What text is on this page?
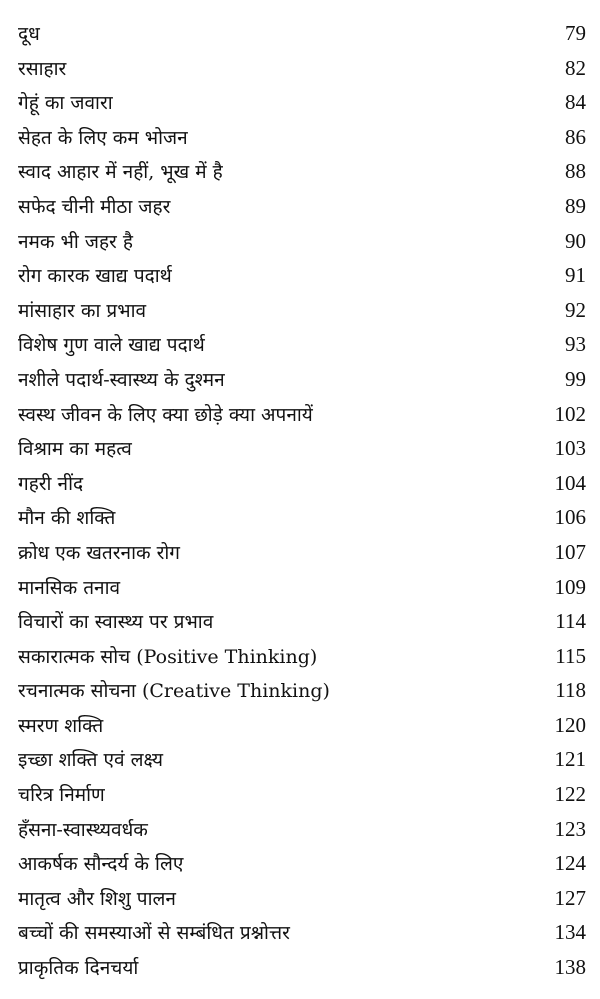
दूध	79
रसाहार	82
गेहूं का जवारा	84
सेहत के लिए कम भोजन	86
स्वाद आहार में नहीं, भूख में है	88
सफेद चीनी मीठा जहर	89
नमक भी जहर है	90
रोग कारक खाद्य पदार्थ	91
मांसाहार का प्रभाव	92
विशेष गुण वाले खाद्य पदार्थ	93
नशीले पदार्थ-स्वास्थ्य के दुश्मन	99
स्वस्थ जीवन के लिए क्या छोड़े क्या अपनायें	102
विश्राम का महत्व	103
गहरी नींद	104
मौन की शक्ति	106
क्रोध एक खतरनाक रोग	107
मानसिक तनाव	109
विचारों का स्वास्थ्य पर प्रभाव	114
सकारात्मक सोच (Positive Thinking)	115
रचनात्मक सोचना (Creative Thinking)	118
स्मरण शक्ति	120
इच्छा शक्ति एवं लक्ष्य	121
चरित्र निर्माण	122
हँसना-स्वास्थ्यवर्धक	123
आकर्षक सौन्दर्य के लिए	124
मातृत्व और शिशु पालन	127
बच्चों की समस्याओं से सम्बंधित प्रश्नोत्तर	134
प्राकृतिक दिनचर्या	138
